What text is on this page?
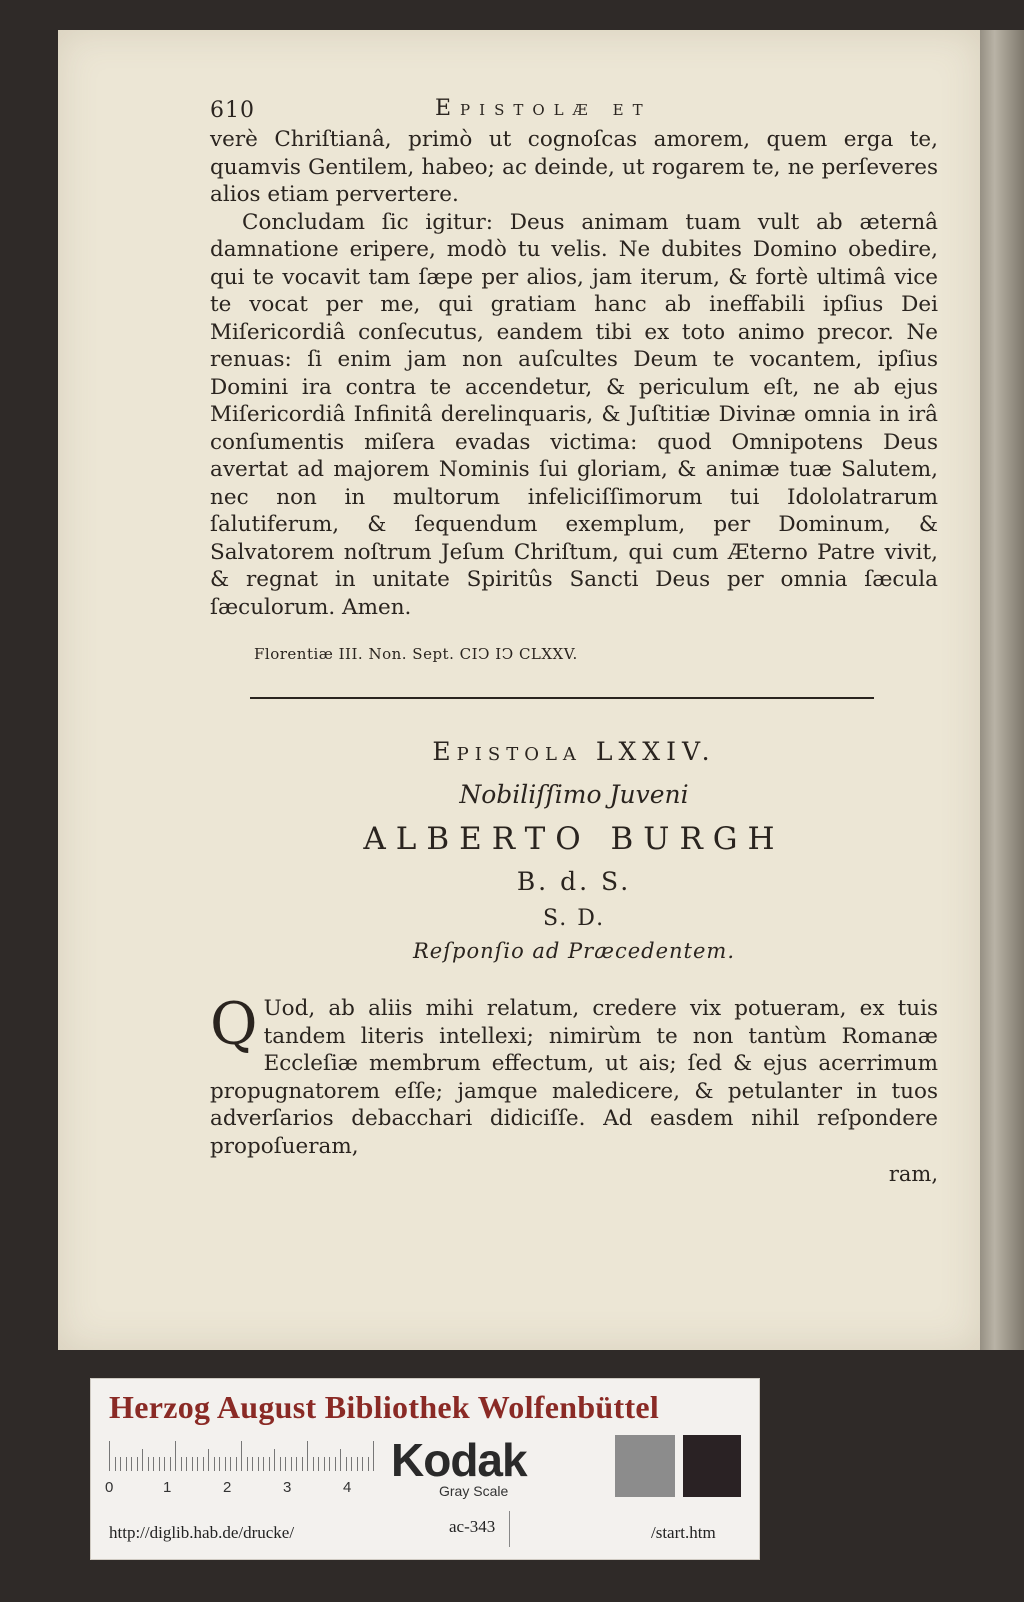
610	Epistolæ et

verè Chriſtianâ, primò ut cognoſcas amorem, quem erga te, quamvis Gentilem, habeo; ac deinde, ut rogarem te, ne perſeveres alios etiam pervertere.

Concludam ſic igitur: Deus animam tuam vult ab æternâ damnatione eripere, modò tu velis. Ne dubites Domino obedire, qui te vocavit tam ſæpe per alios, jam iterum, & fortè ultimâ vice te vocat per me, qui gratiam hanc ab ineffabili ipſius Dei Miſericordiâ conſecutus, eandem tibi ex toto animo precor. Ne renuas: ſi enim jam non auſcultes Deum te vocantem, ipſius Domini ira contra te accendetur, & periculum eſt, ne ab ejus Miſericordiâ Infinitâ derelinquaris, & Juſtitiæ Divinæ omnia in irâ conſumentis miſera evadas victima: quod Omnipotens Deus avertat ad majorem Nominis ſui gloriam, & animæ tuæ Salutem, nec non in multorum infeliciſſimorum tui Idololatrarum ſalutiferum, & ſequendum exemplum, per Dominum, & Salvatorem noſtrum Jeſum Chriſtum, qui cum Æterno Patre vivit, & regnat in unitate Spiritûs Sancti Deus per omnia ſæcula ſæculorum. Amen.

Florentiæ III. Non. Sept. CIↃ IↃ CLXXV.
Epistola LXXIV.
Nobiliſſimo Juveni
ALBERTO BURGH
B. d. S.
S. D.
Reſponſio ad Præcedentem.
Q Uod, ab aliis mihi relatum, credere vix potueram, ex tuis tandem literis intellexi; nimirùm te non tantùm Romanæ Eccleſiæ membrum effectum, ut ais; ſed & ejus acerrimum propugnatorem eſſe; jamque maledicere, & petulanter in tuos adverſarios debacchari didiciſſe. Ad easdem nihil reſpondere propoſueram,

ram,
Herzog August Bibliothek Wolfenbüttel
0	1	2	3	4
Kodak
Gray Scale
http://diglib.hab.de/drucke/	ac-343	/start.htm
